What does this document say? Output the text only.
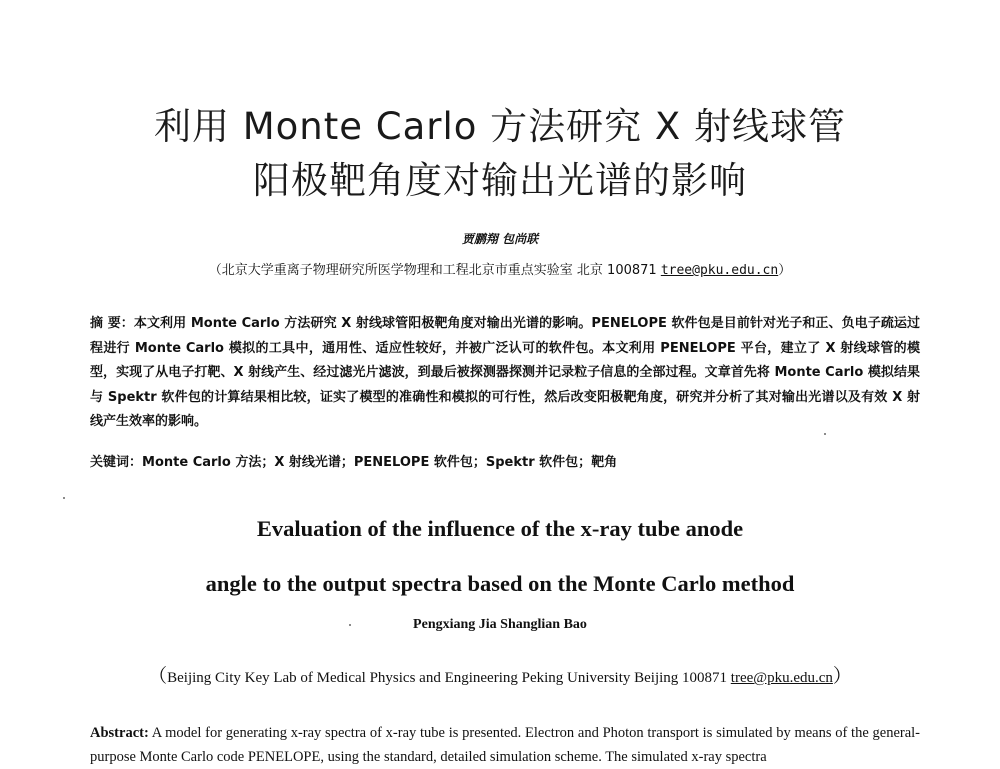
利用 Monte Carlo 方法研究 X 射线球管
阳极靶角度对输出光谱的影响
贾鹏翔 包尚联
（北京大学重离子物理研究所医学物理和工程北京市重点实验室 北京 100871 tree@pku.edu.cn）
摘 要：本文利用 Monte Carlo 方法研究 X 射线球管阳极靶角度对输出光谱的影响。PENELOPE 软件包是目前针对光子和正、负电子疏运过程进行 Monte Carlo 模拟的工具中，通用性、适应性较好，并被广泛认可的软件包。本文利用 PENELOPE 平台，建立了 X 射线球管的模型，实现了从电子打靶、X 射线产生、经过滤光片滤波，到最后被探测器探测并记录粒子信息的全部过程。文章首先将 Monte Carlo 模拟结果与 Spektr 软件包的计算结果相比较，证实了模型的准确性和模拟的可行性，然后改变阳极靶角度，研究并分析了其对输出光谱以及有效 X 射线产生效率的影响。
关键词：Monte Carlo 方法；X 射线光谱；PENELOPE 软件包；Spektr 软件包；靶角
Evaluation of the influence of the x-ray tube anode
angle to the output spectra based on the Monte Carlo method
Pengxiang Jia Shanglian Bao
（Beijing City Key Lab of Medical Physics and Engineering Peking University Beijing 100871 tree@pku.edu.cn）
Abstract: A model for generating x-ray spectra of x-ray tube is presented. Electron and Photon transport is simulated by means of the general-purpose Monte Carlo code PENELOPE, using the standard, detailed simulation scheme. The simulated x-ray spectra
